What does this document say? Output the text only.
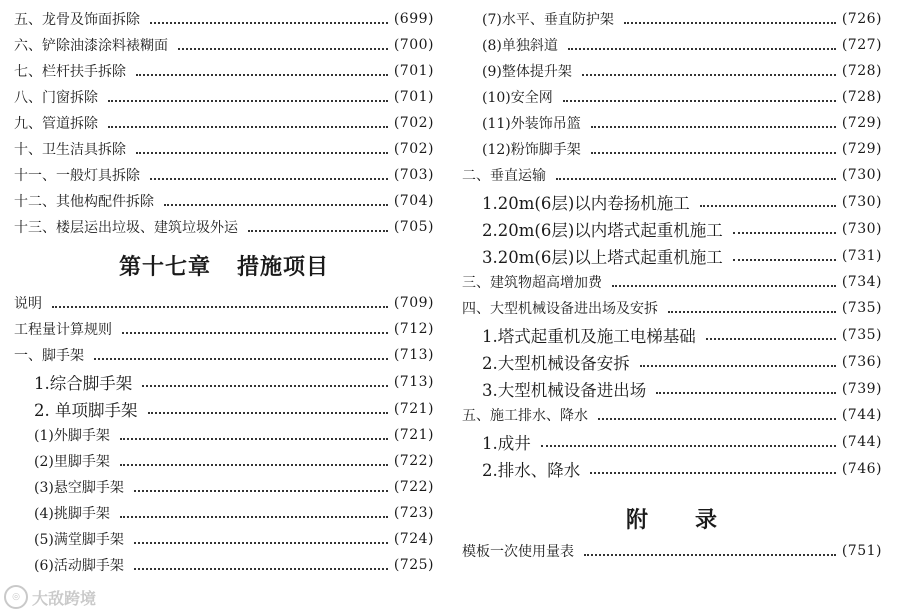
五、龙骨及饰面拆除	(699)
六、铲除油漆涂料裱糊面	(700)
七、栏杆扶手拆除	(701)
八、门窗拆除	(701)
九、管道拆除	(702)
十、卫生洁具拆除	(702)
十一、一般灯具拆除	(703)
十二、其他构配件拆除	(704)
十三、楼层运出垃圾、建筑垃圾外运	(705)
第十七章 措施项目
说明	(709)
工程量计算规则	(712)
一、脚手架	(713)
1.综合脚手架	(713)
2. 单项脚手架	(721)
(1)外脚手架	(721)
(2)里脚手架	(722)
(3)悬空脚手架	(722)
(4)挑脚手架	(723)
(5)满堂脚手架	(724)
(6)活动脚手架	(725)
(7)水平、垂直防护架	(726)
(8)单独斜道	(727)
(9)整体提升架	(728)
(10)安全网	(728)
(11)外装饰吊篮	(729)
(12)粉饰脚手架	(729)
二、垂直运输	(730)
1.20m(6层)以内卷扬机施工	(730)
2.20m(6层)以内塔式起重机施工	(730)
3.20m(6层)以上塔式起重机施工	(731)
三、建筑物超高增加费	(734)
四、大型机械设备进出场及安拆	(735)
1.塔式起重机及施工电梯基础	(735)
2.大型机械设备安拆	(736)
3.大型机械设备进出场	(739)
五、施工排水、降水	(744)
1.成井	(744)
2.排水、降水	(746)
附 录
模板一次使用量表	(751)
◎ 大敌跨境
